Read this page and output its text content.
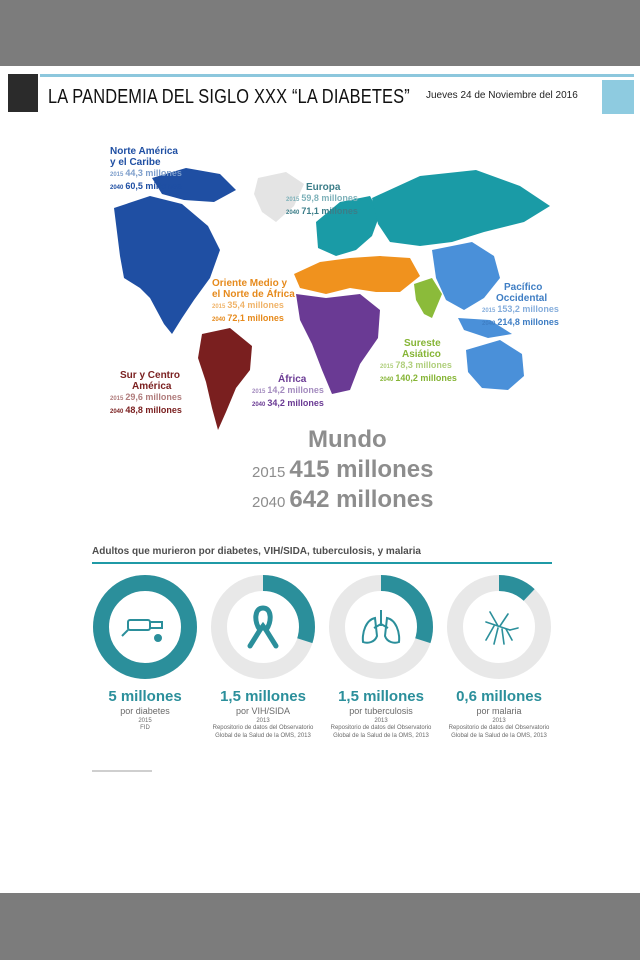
LA PANDEMIA DEL SIGLO XXX “LA DIABETES” Jueves 24 de Noviembre del 2016
Norte América
y el Caribe
2015 44,3 millones
2040 60,5 millones	Europa
2015 59,8 millones
2040 71,1 millones
Oriente Medio y
el Norte de África
2015 35,4 millones
2040 72,1 millones
Pacífico
Occidental
2015 153,2 millones
2040 214,8 millones
Sureste
Asiático
2015 78,3 millones
2040 140,2 millones
África
2015 14,2 millones
2040 34,2 millones
Sur y Centro
América
2015 29,6 millones
2040 48,8 millones
Mundo
2015 415 millones
2040 642 millones
Adultos que murieron por diabetes, VIH/SIDA, tuberculosis, y malaria
5 millones
por diabetes
2015
FID
1,5 millones
por VIH/SIDA
2013
Repositorio de datos del Observatorio Global de la Salud de la OMS, 2013
1,5 millones
por tuberculosis
2013
Repositorio de datos del Observatorio Global de la Salud de la OMS, 2013
0,6 millones
por malaria
2013
Repositorio de datos del Observatorio Global de la Salud de la OMS, 2013
